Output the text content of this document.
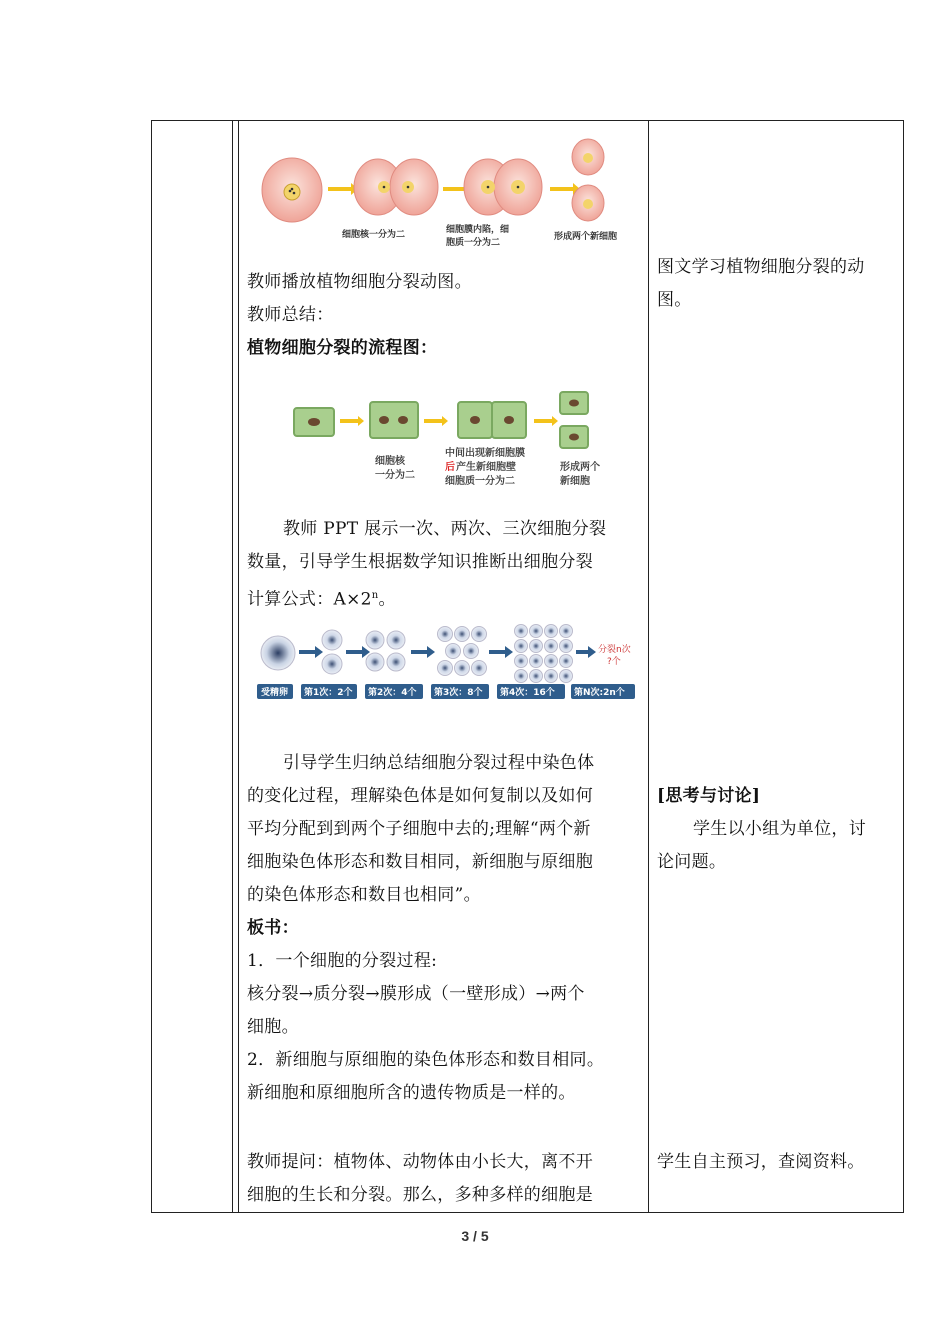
细胞核一分为二	细胞膜内陷，细
胞质一分为二
形成两个新细胞
教师播放植物细胞分裂动图。
教师总结：
植物细胞分裂的流程图：
细胞核
一分为二
中间出现新细胞膜
后 产生新细胞壁
细胞质一分为二
形成两个
新细胞
教师 PPT 展示一次、两次、三次细胞分裂
数量，引导学生根据数学知识推断出细胞分裂
计算公式：$A\times 2^n$。
分裂n次
?个
受精卵 第1次：2个 第2次：4个 第3次：8个 第4次：16个 第N次:2n个
引导学生归纳总结细胞分裂过程中染色体
的变化过程，理解染色体是如何复制以及如何
平均分配到到两个子细胞中去的;理解“两个新
细胞染色体形态和数目相同，新细胞与原细胞
的染色体形态和数目也相同”。
板书：
1．一个细胞的分裂过程:
核分裂→质分裂→膜形成（一壁形成）→两个
细胞。
2．新细胞与原细胞的染色体形态和数目相同。
新细胞和原细胞所含的遗传物质是一样的。
教师提问：植物体、动物体由小长大，离不开
细胞的生长和分裂。那么，多种多样的细胞是
图文学习植物细胞分裂的动
图。
[思考与讨论]
学生以小组为单位，讨
论问题。
学生自主预习，查阅资料。
3 / 5
